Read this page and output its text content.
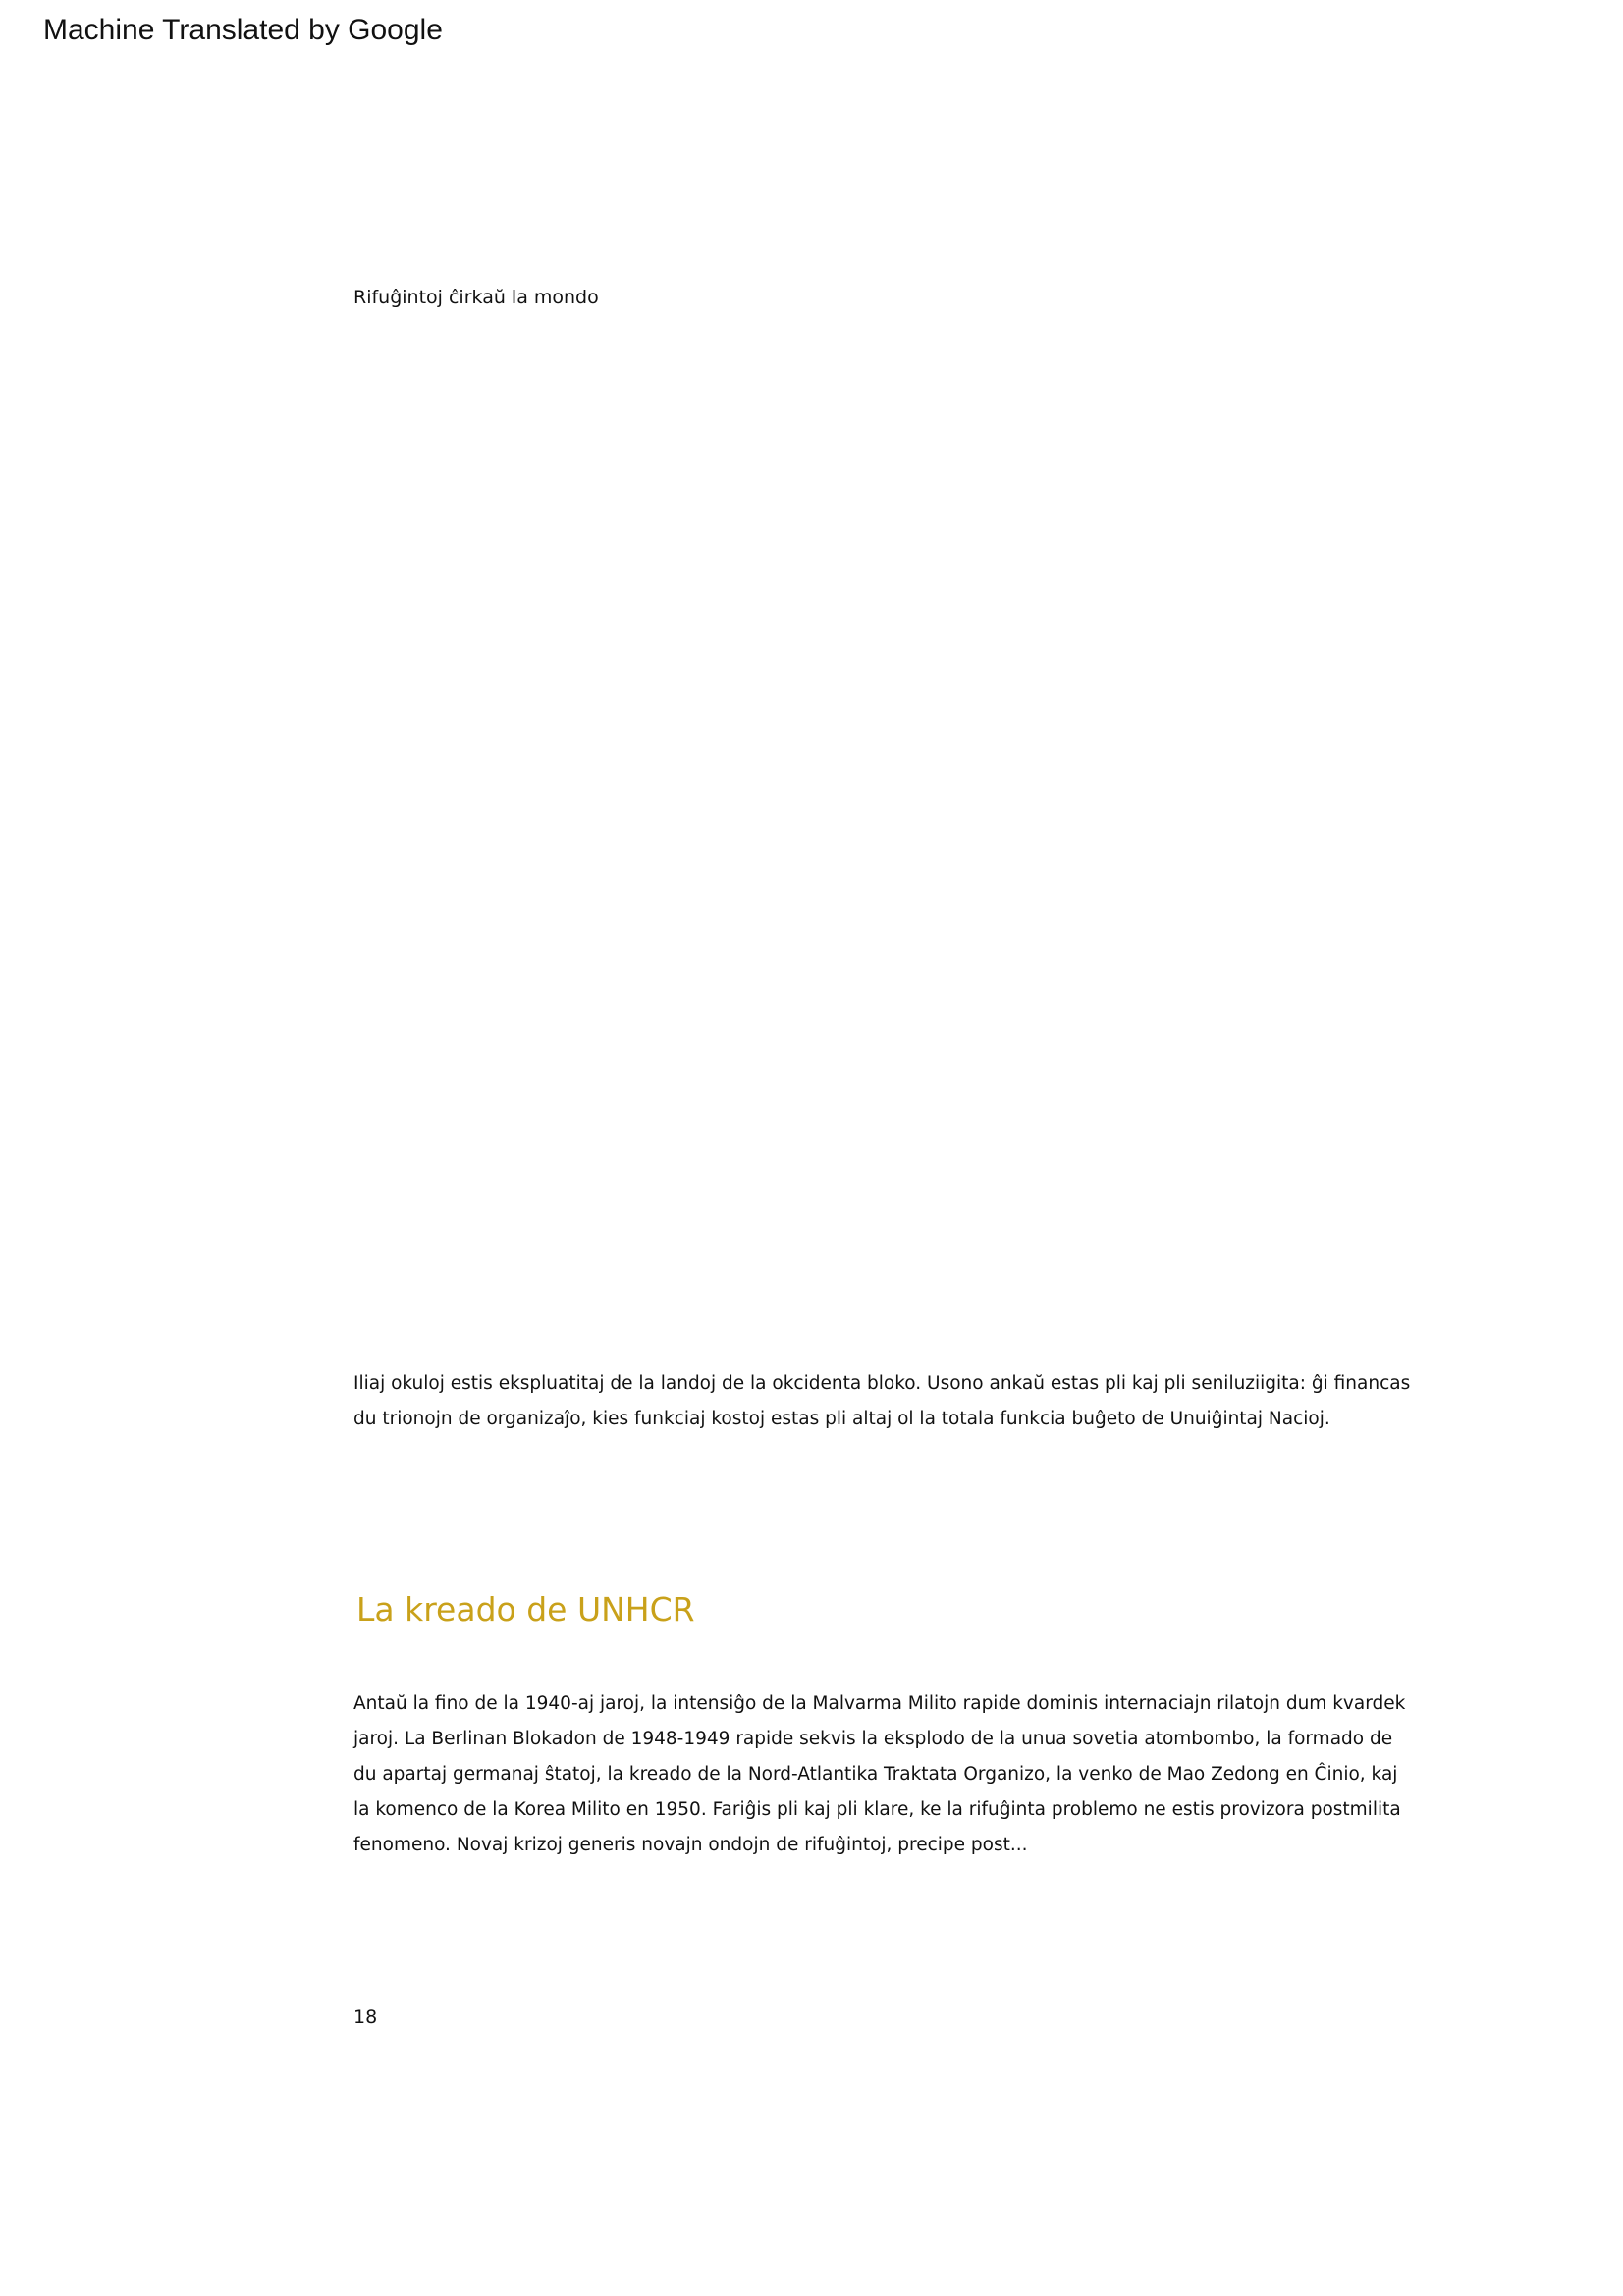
Machine Translated by Google
Rifuĝintoj ĉirkaŭ la mondo
Iliaj okuloj estis ekspluatitaj de la landoj de la okcidenta bloko. Usono ankaŭ estas pli kaj pli seniluziigita: ĝi financas
du trionojn de organizaĵo, kies funkciaj kostoj estas pli altaj ol la totala funkcia buĝeto de Unuiĝintaj Nacioj.
La kreado de UNHCR
Antaŭ la fino de la 1940-aj jaroj, la intensiĝo de la Malvarma Milito rapide dominis internaciajn rilatojn dum kvardek
jaroj. La Berlinan Blokadon de 1948-1949 rapide sekvis la eksplodo de la unua sovetia atombombo, la formado de
du apartaj germanaj ŝtatoj, la kreado de la Nord-Atlantika Traktata Organizo, la venko de Mao Zedong en Ĉinio, kaj
la komenco de la Korea Milito en 1950. Fariĝis pli kaj pli klare, ke la rifuĝinta problemo ne estis provizora postmilita
fenomeno. Novaj krizoj generis novajn ondojn de rifuĝintoj, precipe post...
18
